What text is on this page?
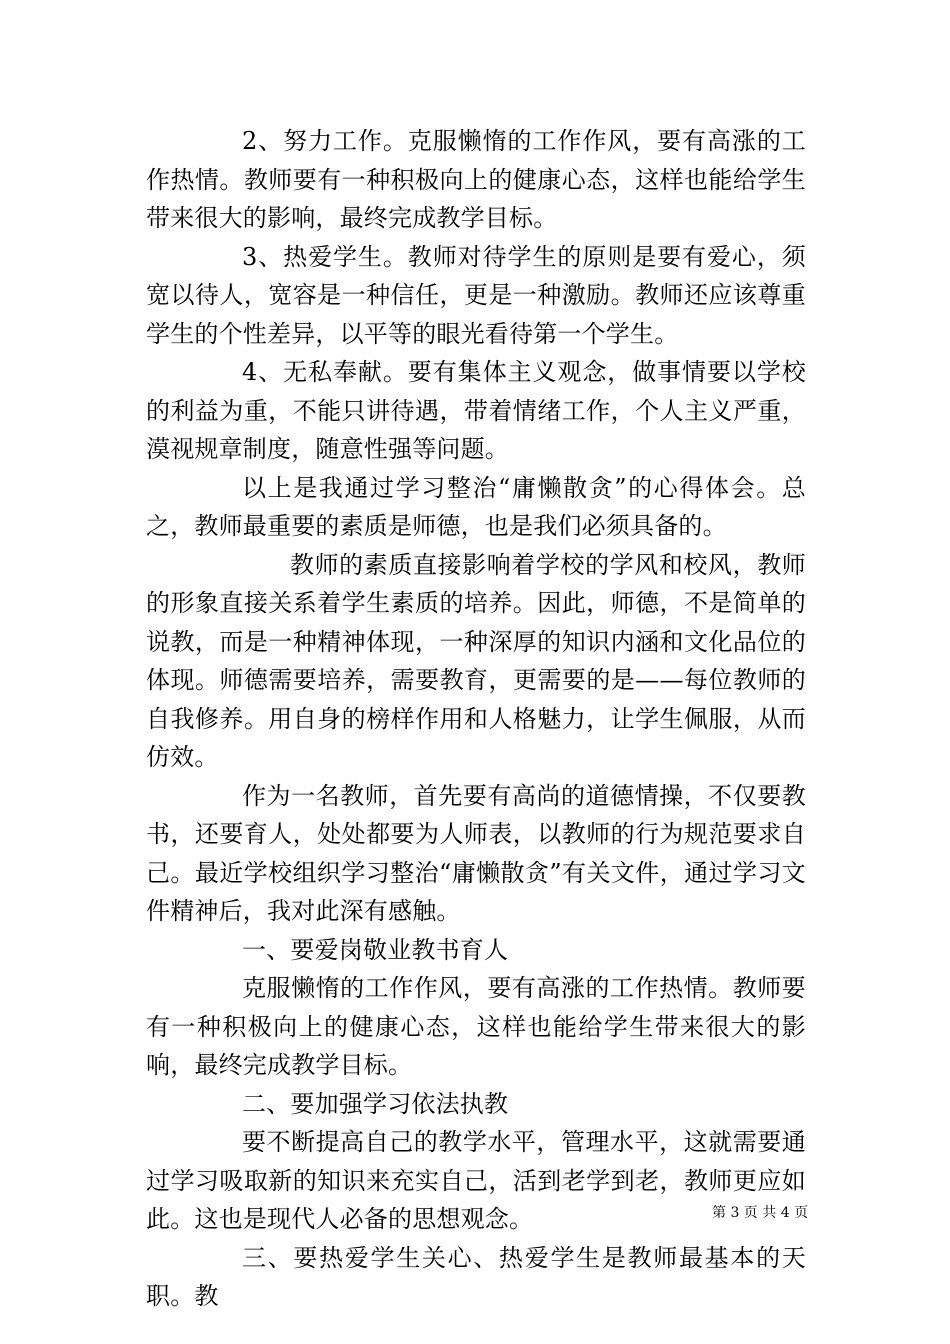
2、努力工作。克服懒惰的工作作风，要有高涨的工作热情。教师要有一种积极向上的健康心态，这样也能给学生带来很大的影响，最终完成教学目标。

3、热爱学生。教师对待学生的原则是要有爱心，须宽以待人，宽容是一种信任，更是一种激励。教师还应该尊重学生的个性差异，以平等的眼光看待第一个学生。

4、无私奉献。要有集体主义观念，做事情要以学校的利益为重，不能只讲待遇，带着情绪工作，个人主义严重，漠视规章制度，随意性强等问题。

以上是我通过学习整治“庸懒散贪”的心得体会。总之，教师最重要的素质是师德，也是我们必须具备的。

教师的素质直接影响着学校的学风和校风，教师的形象直接关系着学生素质的培养。因此，师德，不是简单的说教，而是一种精神体现，一种深厚的知识内涵和文化品位的体现。师德需要培养，需要教育，更需要的是——每位教师的自我修养。用自身的榜样作用和人格魅力，让学生佩服，从而仿效。

作为一名教师，首先要有高尚的道德情操，不仅要教书，还要育人，处处都要为人师表，以教师的行为规范要求自己。最近学校组织学习整治“庸懒散贪”有关文件，通过学习文件精神后，我对此深有感触。

一、要爱岗敬业教书育人

克服懒惰的工作作风，要有高涨的工作热情。教师要有一种积极向上的健康心态，这样也能给学生带来很大的影响，最终完成教学目标。

二、要加强学习依法执教

要不断提高自己的教学水平，管理水平，这就需要通过学习吸取新的知识来充实自己，活到老学到老，教师更应如此。这也是现代人必备的思想观念。

三、要热爱学生关心、热爱学生是教师最基本的天职。教

第 3 页 共 4 页
